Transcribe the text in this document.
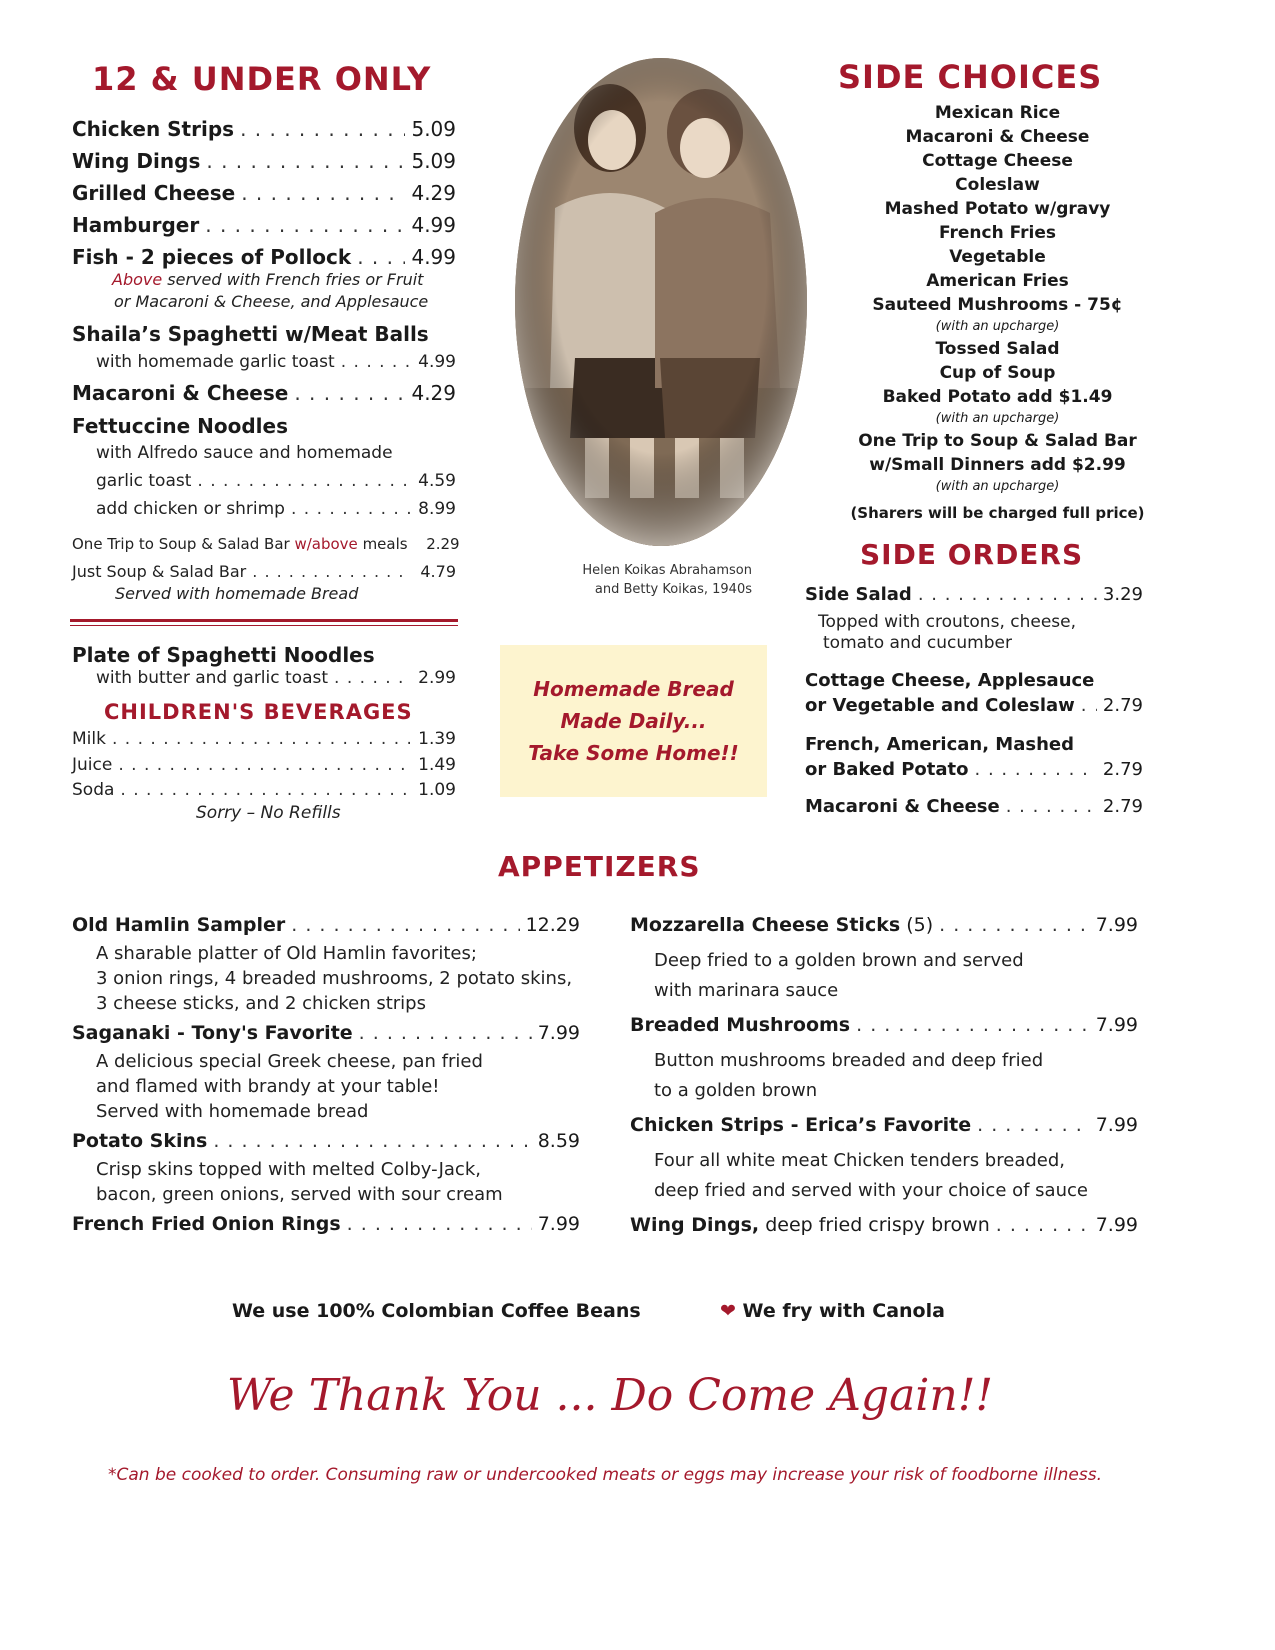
12 & UNDER ONLY
Chicken Strips . . .	5.09
Wing Dings . . .	5.09
Grilled Cheese . . .	4.29
Hamburger . . .	4.99
Fish - 2 pieces of Pollock . . .	4.99
Above served with French fries or Fruit
or Macaroni & Cheese, and Applesauce
Shaila’s Spaghetti w/Meat Balls
with homemade garlic toast . . .	4.99
Macaroni & Cheese . . .	4.29
Fettuccine Noodles
with Alfredo sauce and homemade
garlic toast . . .	4.59
add chicken or shrimp . . .	8.99
One Trip to Soup & Salad Bar w/above meals	2.29
Just Soup & Salad Bar . . .	4.79
Served with homemade Bread
Plate of Spaghetti Noodles
with butter and garlic toast . . .	2.99
CHILDREN'S BEVERAGES
Milk . . .	1.39
Juice . . .	1.49
Soda . . .	1.09
Sorry – No Refills
Helen Koikas Abrahamson
and Betty Koikas, 1940s
Homemade Bread
Made Daily...
Take Some Home!!
SIDE CHOICES
Mexican Rice
Macaroni & Cheese
Cottage Cheese
Coleslaw
Mashed Potato w/gravy
French Fries
Vegetable
American Fries
Sauteed Mushrooms - 75¢
(with an upcharge)
Tossed Salad
Cup of Soup
Baked Potato add $1.49
(with an upcharge)
One Trip to Soup & Salad Bar
w/Small Dinners add $2.99
(with an upcharge)
(Sharers will be charged full price)
SIDE ORDERS
Side Salad . . .	3.29
Topped with croutons, cheese,
tomato and cucumber
Cottage Cheese, Applesauce
or Vegetable and Coleslaw . . . 2.79
French, American, Mashed
or Baked Potato . . .	2.79
Macaroni & Cheese . . .	2.79
APPETIZERS
Old Hamlin Sampler . . .	12.29
A sharable platter of Old Hamlin favorites;
3 onion rings, 4 breaded mushrooms, 2 potato skins,
3 cheese sticks, and 2 chicken strips
Saganaki - Tony's Favorite . . .	7.99
A delicious special Greek cheese, pan fried
and flamed with brandy at your table!
Served with homemade bread
Potato Skins . . .	8.59
Crisp skins topped with melted Colby-Jack,
bacon, green onions, served with sour cream
French Fried Onion Rings . . .	7.99
Mozzarella Cheese Sticks (5) . . .	7.99
Deep fried to a golden brown and served
with marinara sauce
Breaded Mushrooms . . .	7.99
Button mushrooms breaded and deep fried
to a golden brown
Chicken Strips - Erica’s Favorite . . .	7.99
Four all white meat Chicken tenders breaded,
deep fried and served with your choice of sauce
Wing Dings, deep fried crispy brown . . .	7.99
We use 100% Colombian Coffee Beans	❤ We fry with Canola
We Thank You ... Do Come Again!!
*Can be cooked to order. Consuming raw or undercooked meats or eggs may increase your risk of foodborne illness.
